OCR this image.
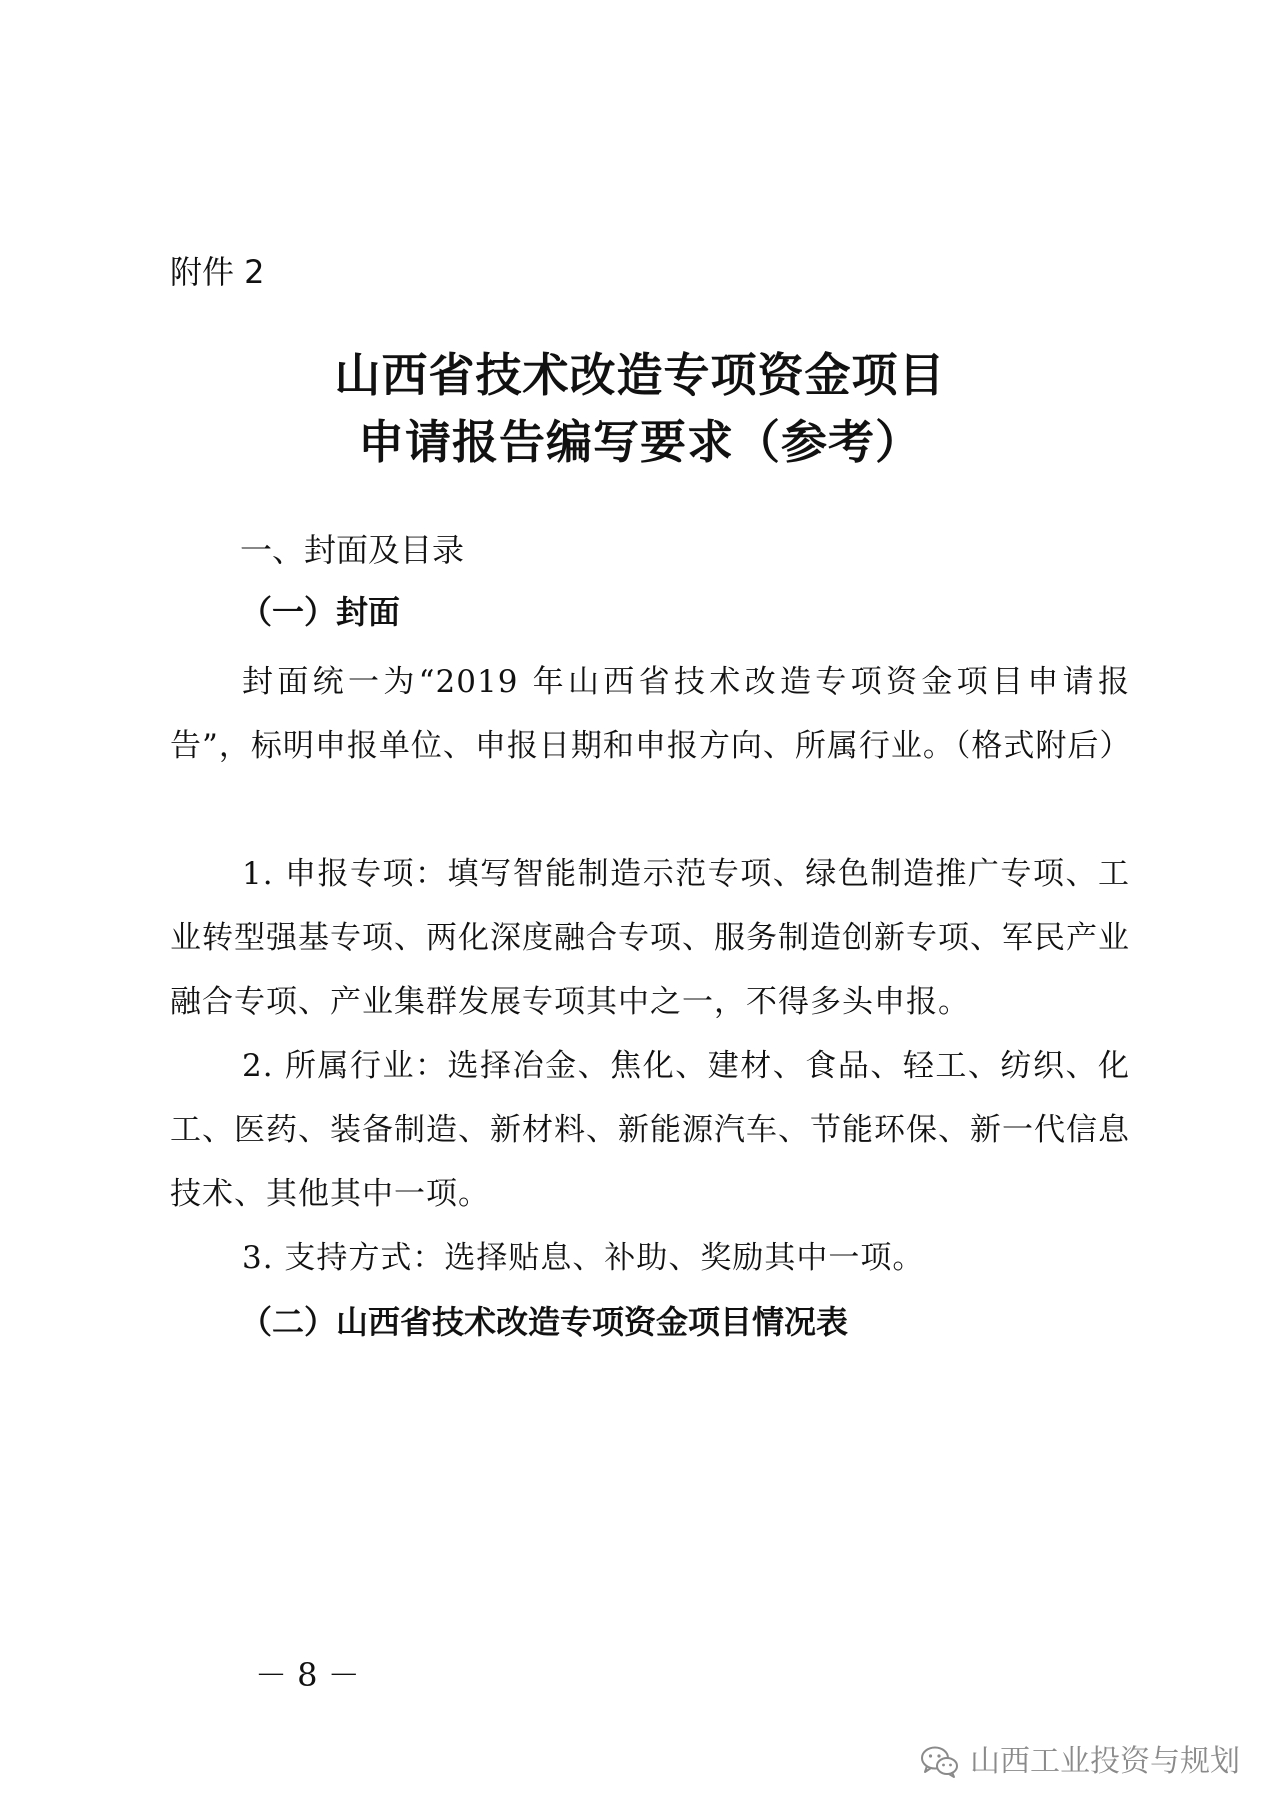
附件 2
山西省技术改造专项资金项目
申请报告编写要求（参考）
一、封面及目录
（一）封面
封面统一为“2019 年山西省技术改造专项资金项目申请报告”，标明申报单位、申报日期和申报方向、所属行业。（格式附后）
1. 申报专项：填写智能制造示范专项、绿色制造推广专项、工业转型强基专项、两化深度融合专项、服务制造创新专项、军民产业融合专项、产业集群发展专项其中之一，不得多头申报。
2. 所属行业：选择冶金、焦化、建材、食品、轻工、纺织、化工、医药、装备制造、新材料、新能源汽车、节能环保、新一代信息技术、其他其中一项。
3. 支持方式：选择贴息、补助、奖励其中一项。
（二）山西省技术改造专项资金项目情况表
－ 8 －
山西工业投资与规划
